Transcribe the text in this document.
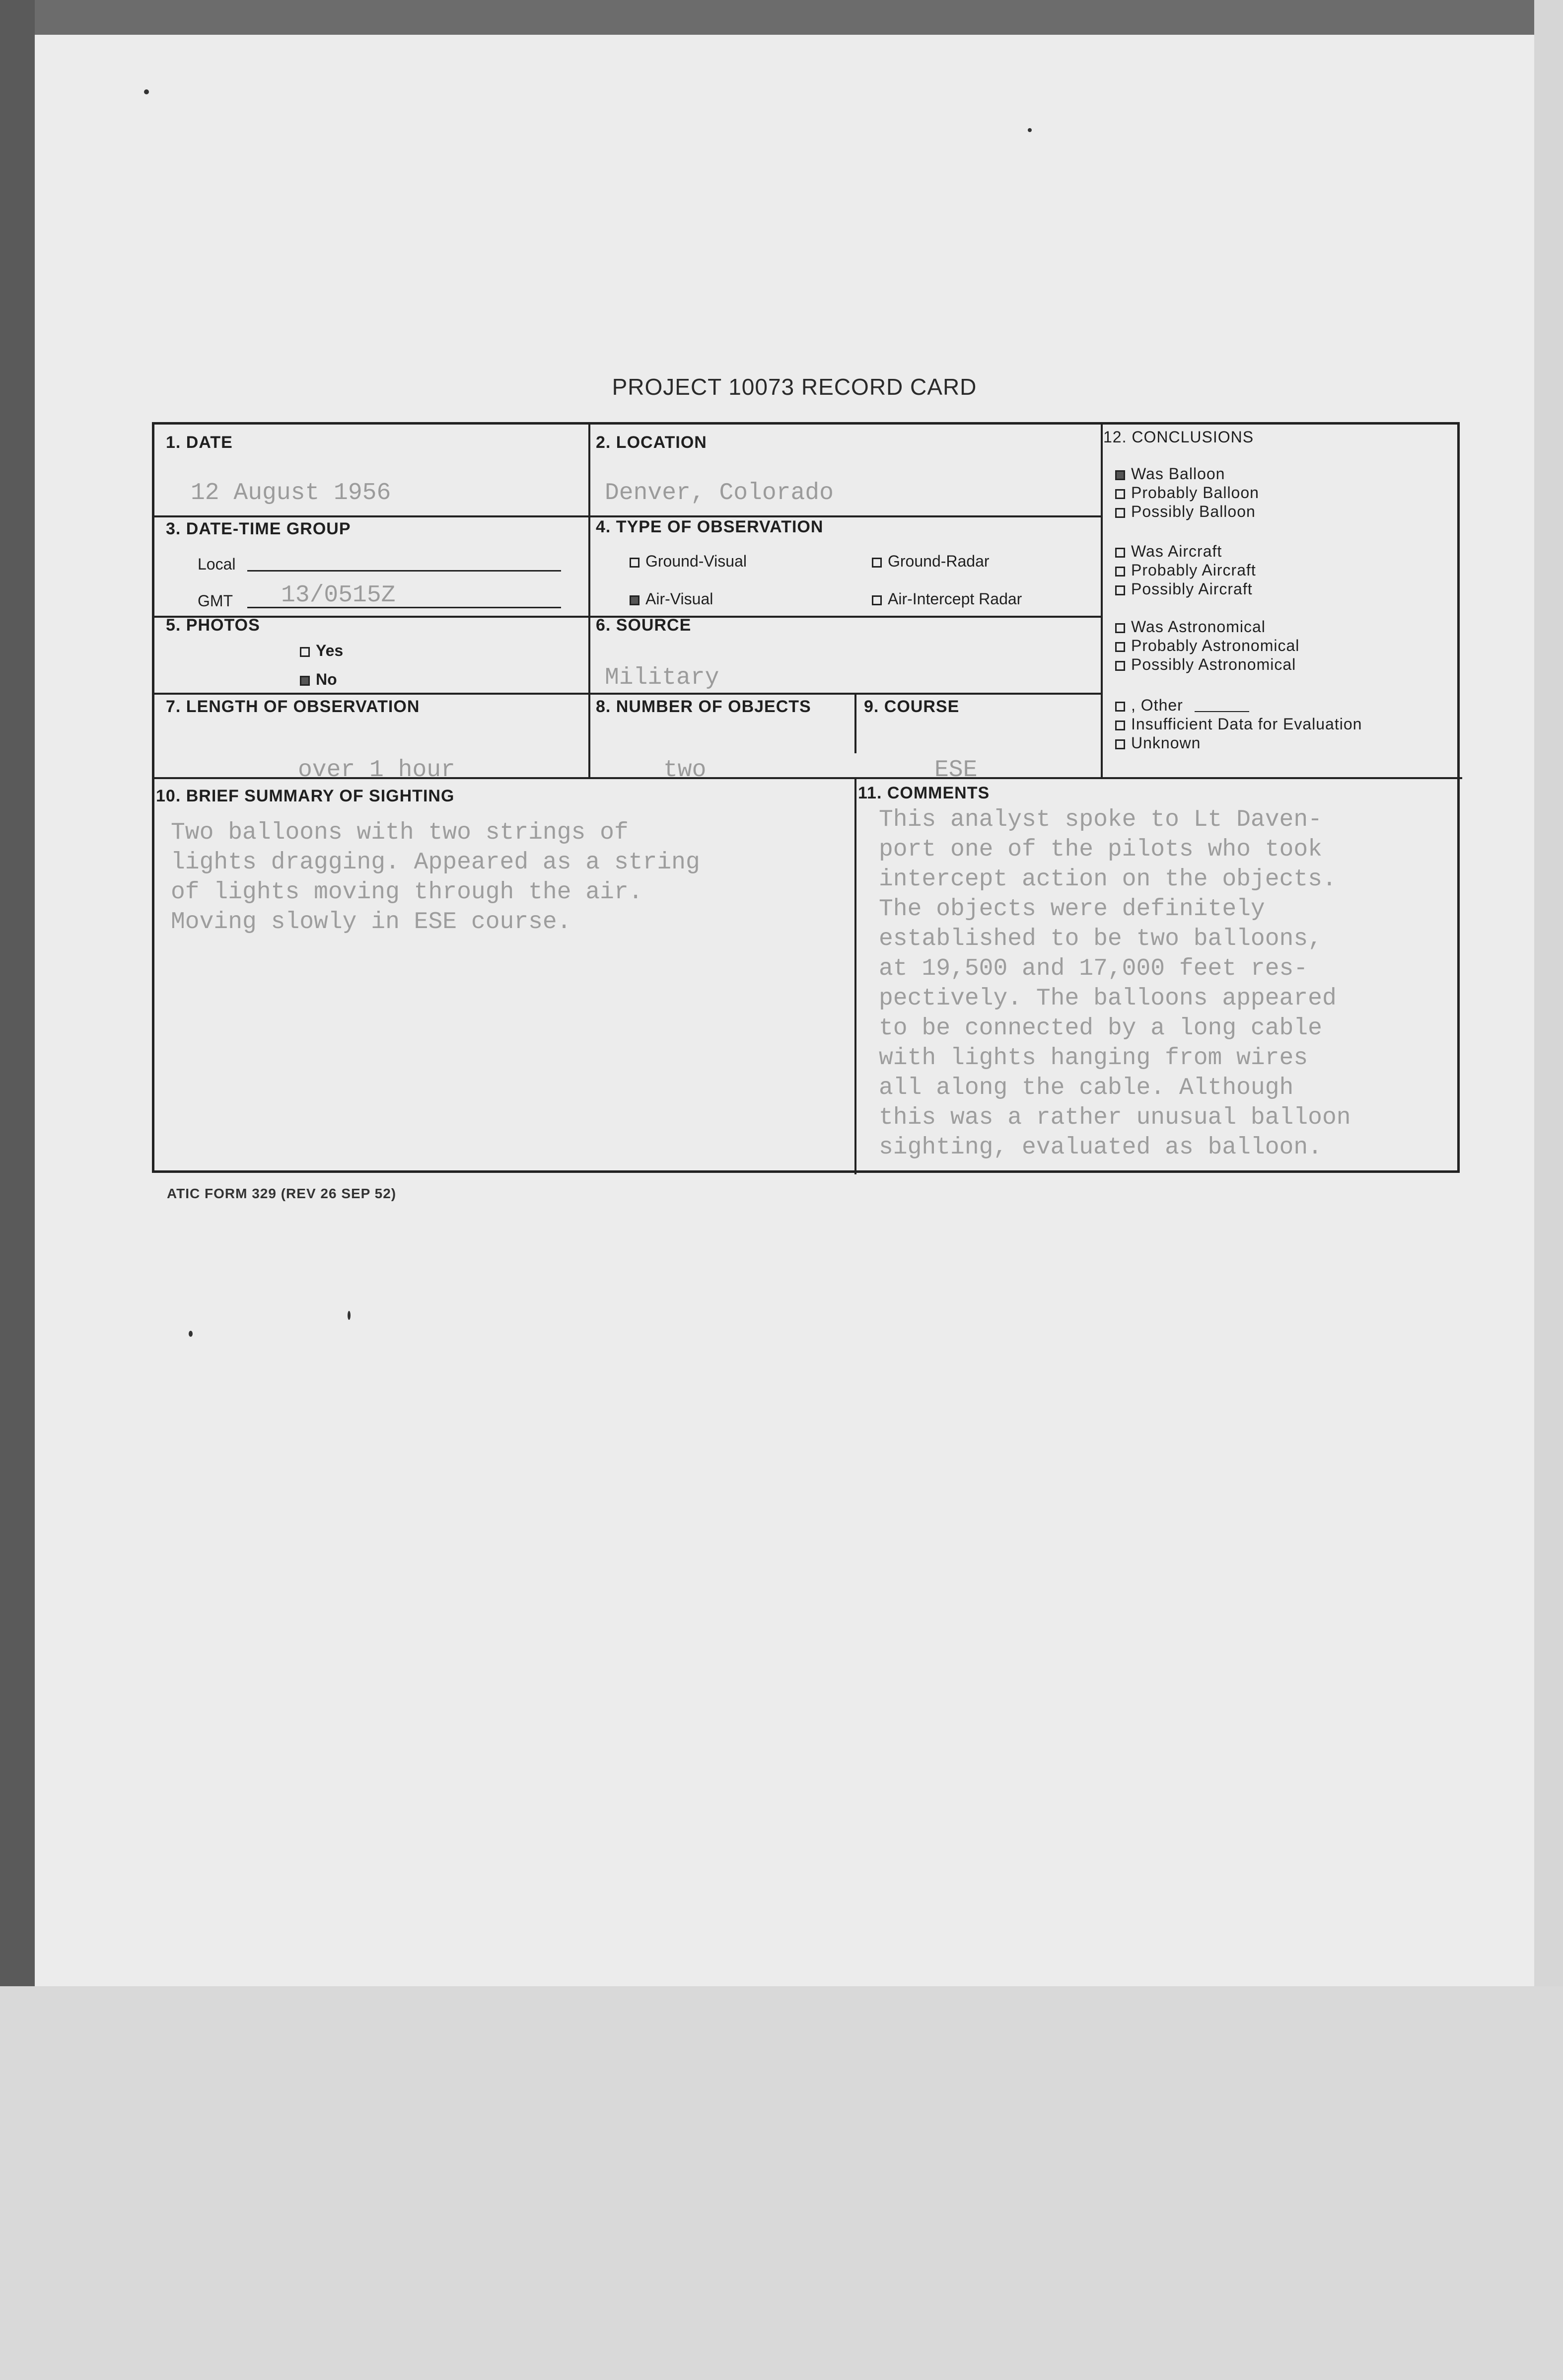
PROJECT 10073 RECORD CARD
1. DATE
12 August 1956
2. LOCATION
Denver, Colorado
3. DATE-TIME GROUP
Local
GMT 13/0515Z
4. TYPE OF OBSERVATION
Ground-Visual	Ground-Radar
Air-Visual	Air-Intercept Radar
5. PHOTOS
Yes
No
6. SOURCE
Military
7. LENGTH OF OBSERVATION
over 1 hour
8. NUMBER OF OBJECTS
two
9. COURSE
ESE
10. BRIEF SUMMARY OF SIGHTING
Two balloons with two strings of
lights dragging. Appeared as a string
of lights moving through the air.
Moving slowly in ESE course.
11. COMMENTS
This analyst spoke to Lt Daven-
port one of the pilots who took
intercept action on the objects.
The objects were definitely
established to be two balloons,
at 19,500 and 17,000 feet res-
pectively. The balloons appeared
to be connected by a long cable
with lights hanging from wires
all along the cable. Although
this was a rather unusual balloon
sighting, evaluated as balloon.
12. CONCLUSIONS
Was Balloon
Probably Balloon
Possibly Balloon
Was Aircraft
Probably Aircraft
Possibly Aircraft
Was Astronomical
Probably Astronomical
Possibly Astronomical
, Other
Insufficient Data for Evaluation
Unknown
ATIC FORM 329 (REV 26 SEP 52)
